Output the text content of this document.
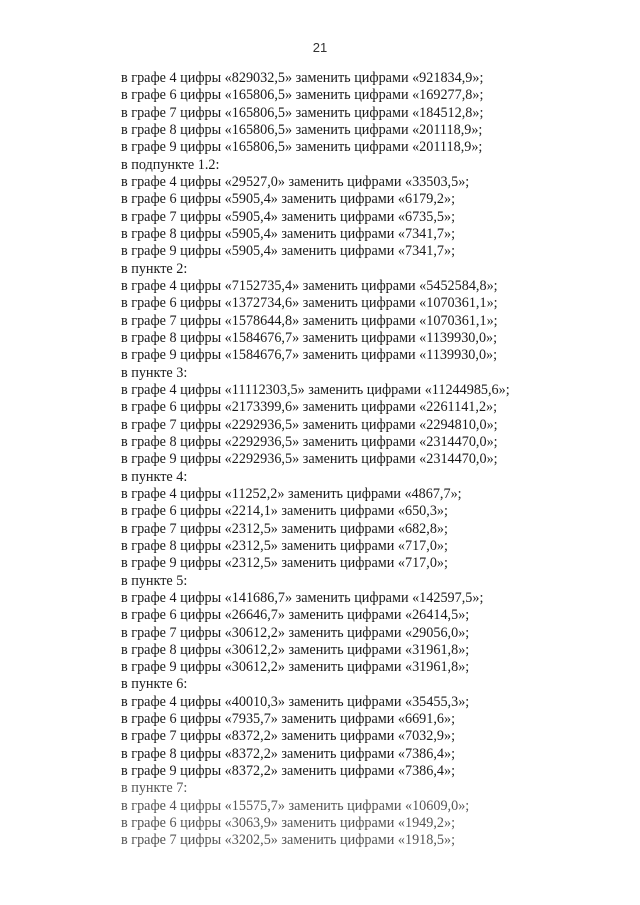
21
в графе 4 цифры «829032,5» заменить цифрами «921834,9»;
в графе 6 цифры «165806,5» заменить цифрами «169277,8»;
в графе 7 цифры «165806,5» заменить цифрами «184512,8»;
в графе 8 цифры «165806,5» заменить цифрами «201118,9»;
в графе 9 цифры «165806,5» заменить цифрами «201118,9»;
в подпункте 1.2:
в графе 4 цифры «29527,0» заменить цифрами «33503,5»;
в графе 6 цифры «5905,4» заменить цифрами «6179,2»;
в графе 7 цифры «5905,4» заменить цифрами «6735,5»;
в графе 8 цифры «5905,4» заменить цифрами «7341,7»;
в графе 9 цифры «5905,4» заменить цифрами «7341,7»;
в пункте 2:
в графе 4 цифры «7152735,4» заменить цифрами «5452584,8»;
в графе 6 цифры «1372734,6» заменить цифрами «1070361,1»;
в графе 7 цифры «1578644,8» заменить цифрами «1070361,1»;
в графе 8 цифры «1584676,7» заменить цифрами «1139930,0»;
в графе 9 цифры «1584676,7» заменить цифрами «1139930,0»;
в пункте 3:
в графе 4 цифры «11112303,5» заменить цифрами «11244985,6»;
в графе 6 цифры «2173399,6» заменить цифрами «2261141,2»;
в графе 7 цифры «2292936,5» заменить цифрами «2294810,0»;
в графе 8 цифры «2292936,5» заменить цифрами «2314470,0»;
в графе 9 цифры «2292936,5» заменить цифрами «2314470,0»;
в пункте 4:
в графе 4 цифры «11252,2» заменить цифрами «4867,7»;
в графе 6 цифры «2214,1» заменить цифрами «650,3»;
в графе 7 цифры «2312,5» заменить цифрами «682,8»;
в графе 8 цифры «2312,5» заменить цифрами «717,0»;
в графе 9 цифры «2312,5» заменить цифрами «717,0»;
в пункте 5:
в графе 4 цифры «141686,7» заменить цифрами «142597,5»;
в графе 6 цифры «26646,7» заменить цифрами «26414,5»;
в графе 7 цифры «30612,2» заменить цифрами «29056,0»;
в графе 8 цифры «30612,2» заменить цифрами «31961,8»;
в графе 9 цифры «30612,2» заменить цифрами «31961,8»;
в пункте 6:
в графе 4 цифры «40010,3» заменить цифрами «35455,3»;
в графе 6 цифры «7935,7» заменить цифрами «6691,6»;
в графе 7 цифры «8372,2» заменить цифрами «7032,9»;
в графе 8 цифры «8372,2» заменить цифрами «7386,4»;
в графе 9 цифры «8372,2» заменить цифрами «7386,4»;
в пункте 7:
в графе 4 цифры «15575,7» заменить цифрами «10609,0»;
в графе 6 цифры «3063,9» заменить цифрами «1949,2»;
в графе 7 цифры «3202,5» заменить цифрами «1918,5»;
